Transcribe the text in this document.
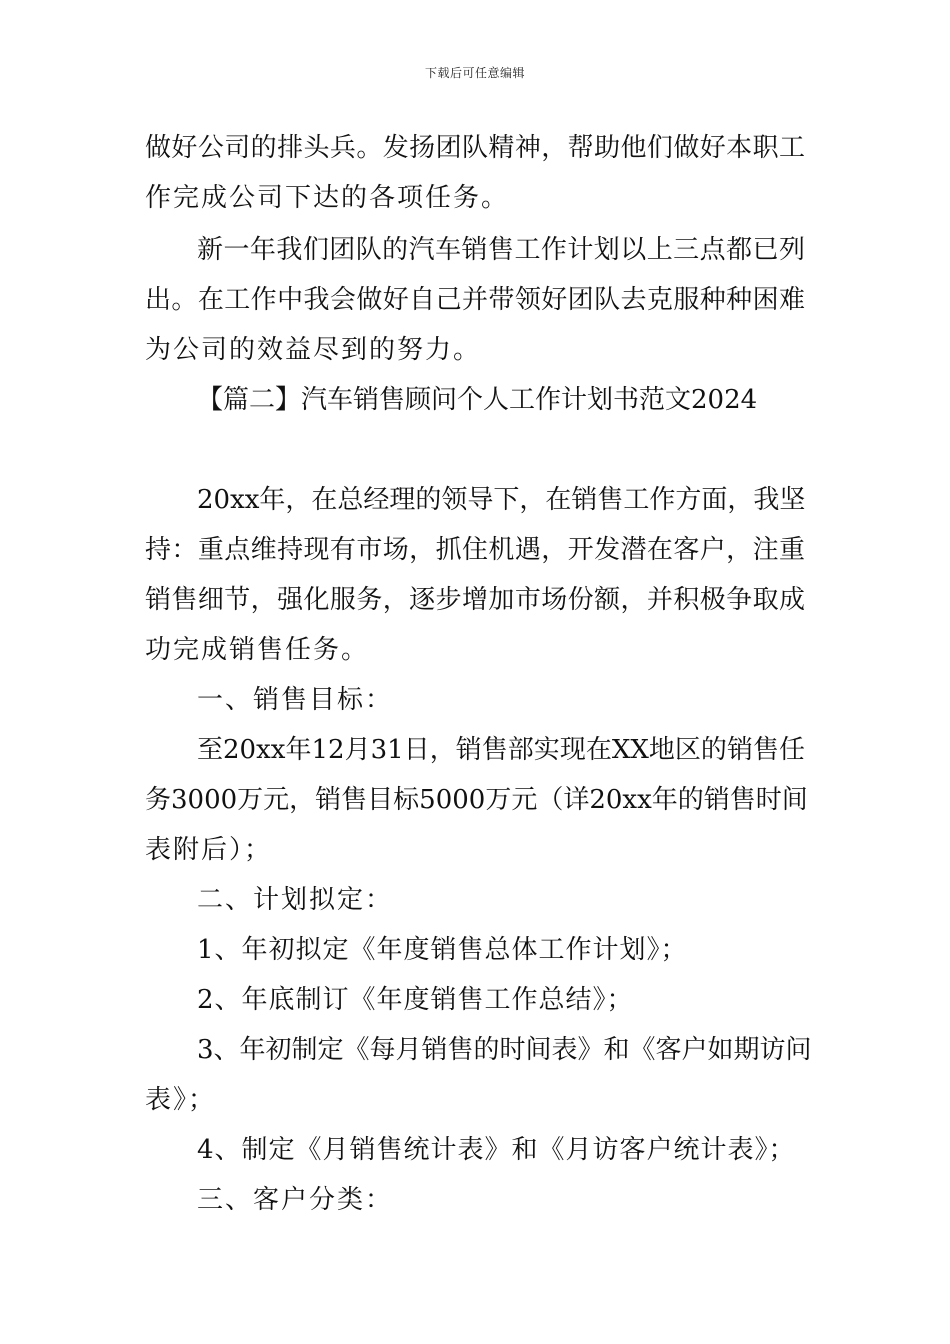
下载后可任意编辑
做好公司的排头兵。发扬团队精神，帮助他们做好本职工
作完成公司下达的各项任务。
新一年我们团队的汽车销售工作计划以上三点都已列
出。在工作中我会做好自己并带领好团队去克服种种困难
为公司的效益尽到的努力。
【篇二】汽车销售顾问个人工作计划书范文2024
20xx年，在总经理的领导下，在销售工作方面，我坚
持：重点维持现有市场，抓住机遇，开发潜在客户，注重
销售细节，强化服务，逐步增加市场份额，并积极争取成
功完成销售任务。
一、销售目标：
至20xx年12月31日，销售部实现在XX地区的销售任
务3000万元，销售目标5000万元（详20xx年的销售时间
表附后）；
二、计划拟定：
1、年初拟定《年度销售总体工作计划》；
2、年底制订《年度销售工作总结》；
3、年初制定《每月销售的时间表》和《客户如期访问
表》；
4、制定《月销售统计表》和《月访客户统计表》；
三、客户分类：
